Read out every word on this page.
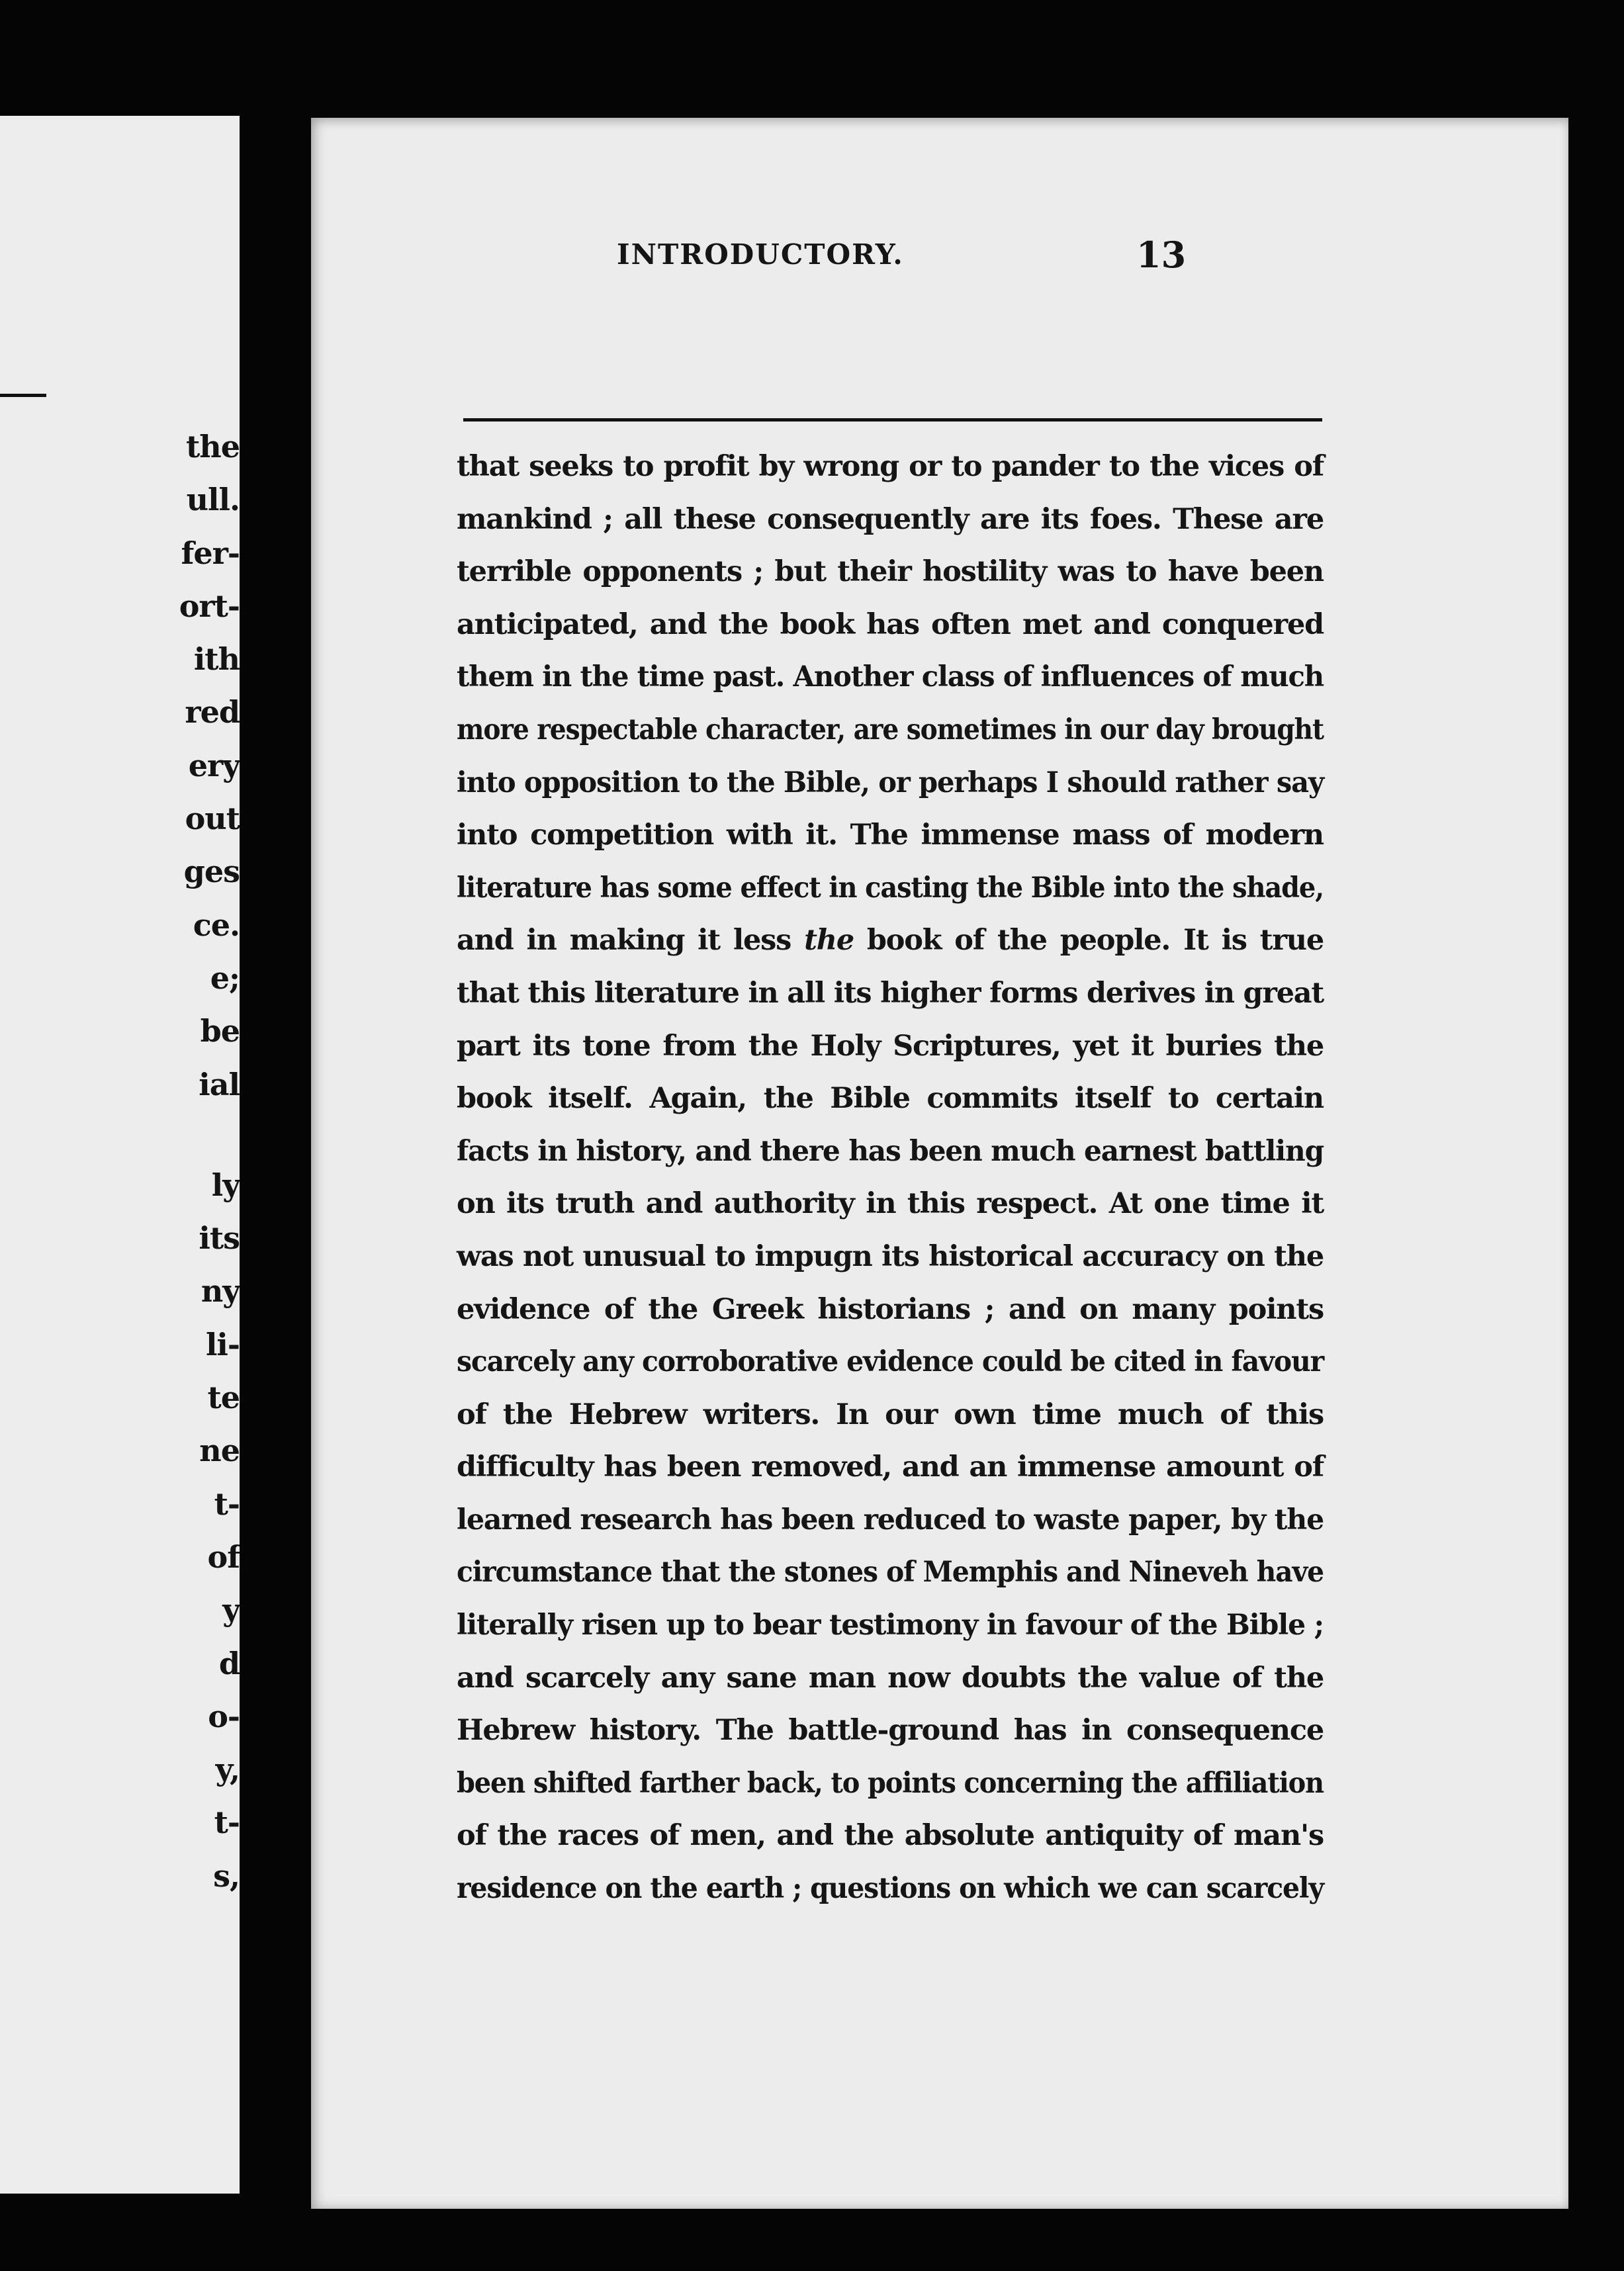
the
ull.
fer-
ort-
ith
red
ery
out
ges
ce.
e;
be
ial
ly
its
ny
li-
te
ne
t-
of
y
d
o-
y,
t-
s,
INTRODUCTORY.	13
that seeks to profit by wrong or to pander to the vices of
mankind ; all these consequently are its foes. These are
terrible opponents ; but their hostility was to have been
anticipated, and the book has often met and conquered
them in the time past. Another class of influences of much
more respectable character, are sometimes in our day brought
into opposition to the Bible, or perhaps I should rather say
into competition with it. The immense mass of modern
literature has some effect in casting the Bible into the shade,
and in making it less the book of the people. It is true
that this literature in all its higher forms derives in great
part its tone from the Holy Scriptures, yet it buries the
book itself. Again, the Bible commits itself to certain
facts in history, and there has been much earnest battling
on its truth and authority in this respect. At one time it
was not unusual to impugn its historical accuracy on the
evidence of the Greek historians ; and on many points
scarcely any corroborative evidence could be cited in favour
of the Hebrew writers. In our own time much of this
difficulty has been removed, and an immense amount of
learned research has been reduced to waste paper, by the
circumstance that the stones of Memphis and Nineveh have
literally risen up to bear testimony in favour of the Bible ;
and scarcely any sane man now doubts the value of the
Hebrew history. The battle-ground has in consequence
been shifted farther back, to points concerning the affiliation
of the races of men, and the absolute antiquity of man's
residence on the earth ; questions on which we can scarcely
